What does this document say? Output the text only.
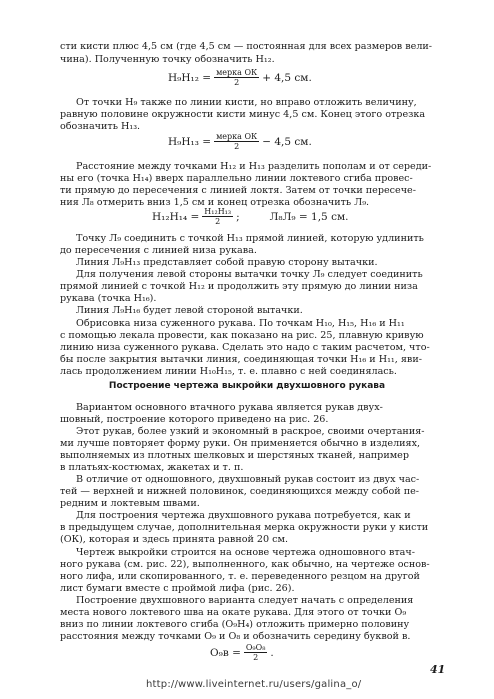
сти кисти плюс 4,5 см (где 4,5 см — постоянная для всех размеров вели-
чина). Полученную точку обозначить Н₁₂.
$Н_9Н_{12} = \frac{\text{мерка ОК}}{2} + 4,5$ см.
От точки Н₉ также по линии кисти, но вправо отложить величину,
равную половине окружности кисти минус 4,5 см. Конец этого отрезка
обозначить Н₁₃.
$Н_9Н_{13} = \frac{\text{мерка ОК}}{2} - 4,5$ см.
Расстояние между точками Н₁₂ и Н₁₃ разделить пополам и от середи-
ны его (точка Н₁₄) вверх параллельно линии локтевого сгиба провес-
ти прямую до пересечения с линией локтя. Затем от точки пересече-
ния Л₈ отмерить вниз 1,5 см и конец отрезка обозначить Л₉.
$Н_{12}Н_{14} = \frac{\text{Н₁₂Н₁₃}}{2}$ ;	Л₈Л₉ = 1,5 см.
Точку Л₉ соединить с точкой Н₁₃ прямой линией, которую удлинить
до пересечения с линией низа рукава.
Линия Л₉Н₁₃ представляет собой правую сторону вытачки.
Для получения левой стороны вытачки точку Л₉ следует соединить
прямой линией с точкой Н₁₂ и продолжить эту прямую до линии низа
рукава (точка Н₁₆).
Линия Л₉Н₁₆ будет левой стороной вытачки.
Обрисовка низа суженного рукава. По точкам Н₁₀, Н₁₅, Н₁₆ и Н₁₁
с помощью лекала провести, как показано на рис. 25, плавную кривую
линию низа суженного рукава. Сделать это надо с таким расчетом, что-
бы после закрытия вытачки линия, соединяющая точки Н₁₆ и Н₁₁, яви-
лась продолжением линии Н₁₀Н₁₅, т. е. плавно с ней соединялась.
Построение чертежа выкройки двухшовного рукава
Вариантом основного втачного рукава является рукав двух-
шовный, построение которого приведено на рис. 26.
Этот рукав, более узкий и экономный в раскрое, своими очертания-
ми лучше повторяет форму руки. Он применяется обычно в изделиях,
выполняемых из плотных шелковых и шерстяных тканей, например
в платьях-костюмах, жакетах и т. п.
В отличие от одношовного, двухшовный рукав состоит из двух час-
тей — верхней и нижней половинок, соединяющихся между собой пе-
редним и локтевым швами.
Для построения чертежа двухшовного рукава потребуется, как и
в предыдущем случае, дополнительная мерка окружности руки у кисти
(ОК), которая и здесь принята равной 20 см.
Чертеж выкройки строится на основе чертежа одношовного втач-
ного рукава (см. рис. 22), выполненного, как обычно, на чертеже основ-
ного лифа, или скопированного, т. е. переведенного резцом на другой
лист бумаги вместе с проймой лифа (рис. 26).
Построение двухшовного варианта следует начать с определения
места нового локтевого шва на окате рукава. Для этого от точки О₉
вниз по линии локтевого сгиба (О₉Н₄) отложить примерно половину
расстояния между точками О₉ и О₈ и обозначить середину буквой в.
$О_9в = \frac{\text{О₉О₈}}{2}$ .
41
http://www.liveinternet.ru/users/galina_o/
